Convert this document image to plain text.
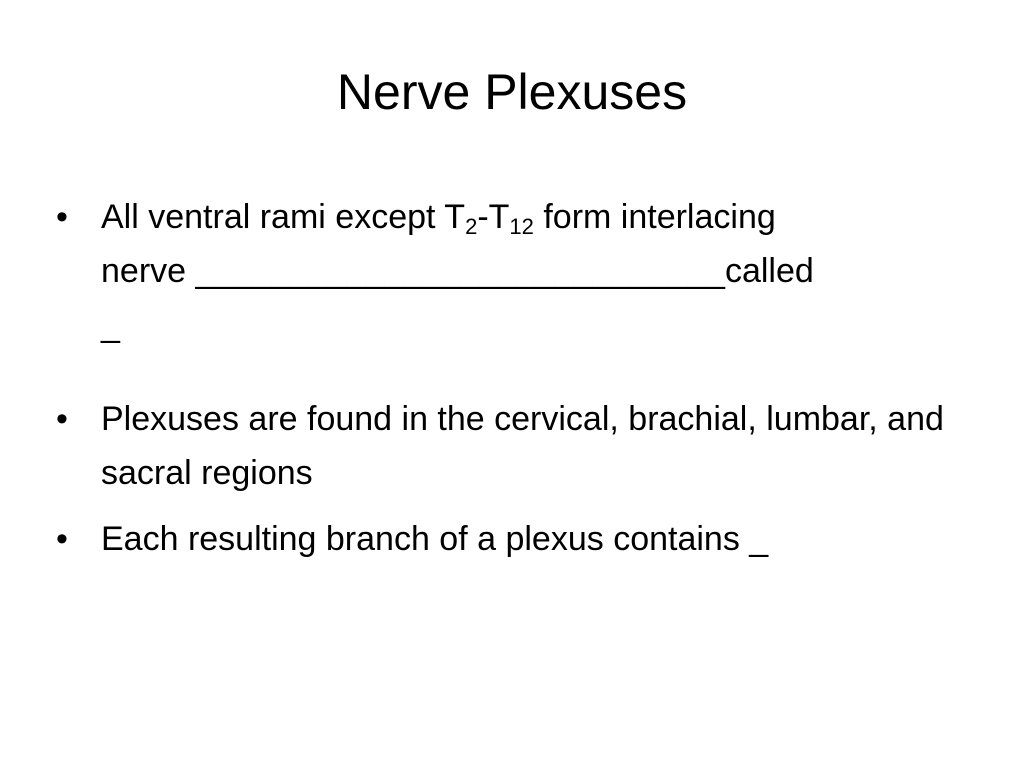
Nerve Plexuses
• All ventral rami except $T_2-T_{12}$ form interlacing
nerve ____________________________called
_
• Plexuses are found in the cervical, brachial, lumbar, and sacral regions
• Each resulting branch of a plexus contains _
